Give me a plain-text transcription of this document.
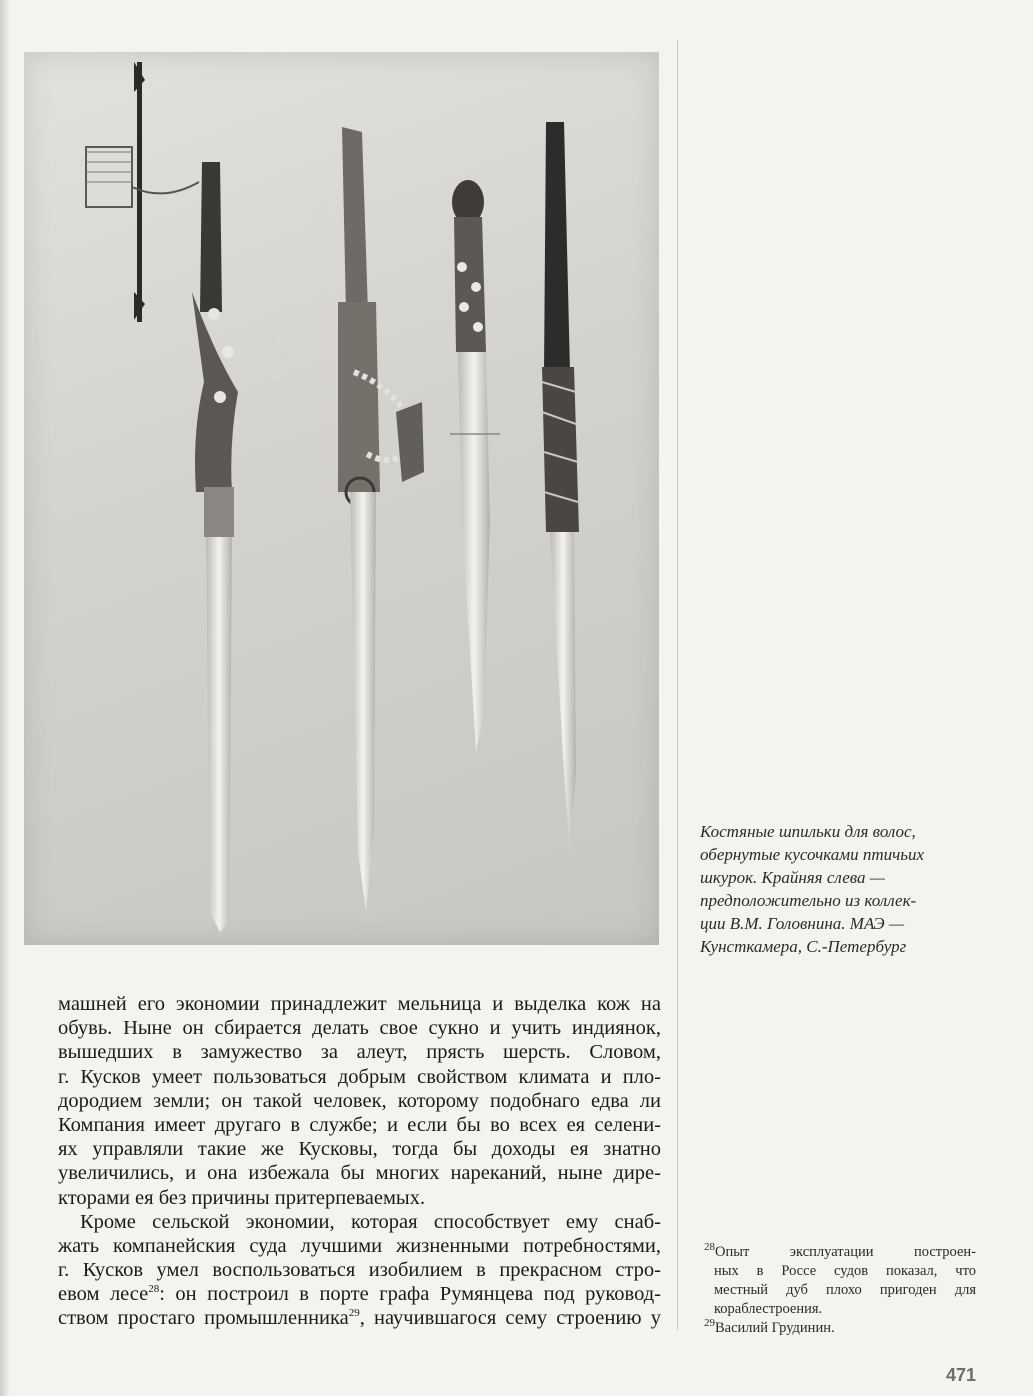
Костяные шпильки для волос,
обернутые кусочками птичьих
шкурок. Крайняя слева —
предположительно из коллек-
ции В.М. Головнина. МАЭ —
Кунсткамера, С.-Петербург
машней его экономии принадлежит мельница и выделка кож на
обувь. Ныне он сбирается делать свое сукно и учить индиянок,
вышедших в замужество за алеут, прясть шерсть. Словом,
г. Кусков умеет пользоваться добрым свойством климата и пло-
дородием земли; он такой человек, которому подобнаго едва ли
Компания имеет другаго в службе; и если бы во всех ея селени-
ях управляли такие же Кусковы, тогда бы доходы ея знатно
увеличились, и она избежала бы многих нареканий, ныне дире-
кторами ея без причины притерпеваемых.
Кроме сельской экономии, которая способствует ему снаб-
жать компанейския суда лучшими жизненными потребностями,
г. Кусков умел воспользоваться изобилием в прекрасном стро-
евом лесе$^{28}$: он построил в порте графа Румянцева под руковод-
ством простаго промышленника$^{29}$, научившагося сему строению у
$^{28}$Опыт эксплуатации построен-
ных в Россе судов показал, что
местный дуб плохо пригоден для
кораблестроения.
$^{29}$Василий Грудинин.
471
